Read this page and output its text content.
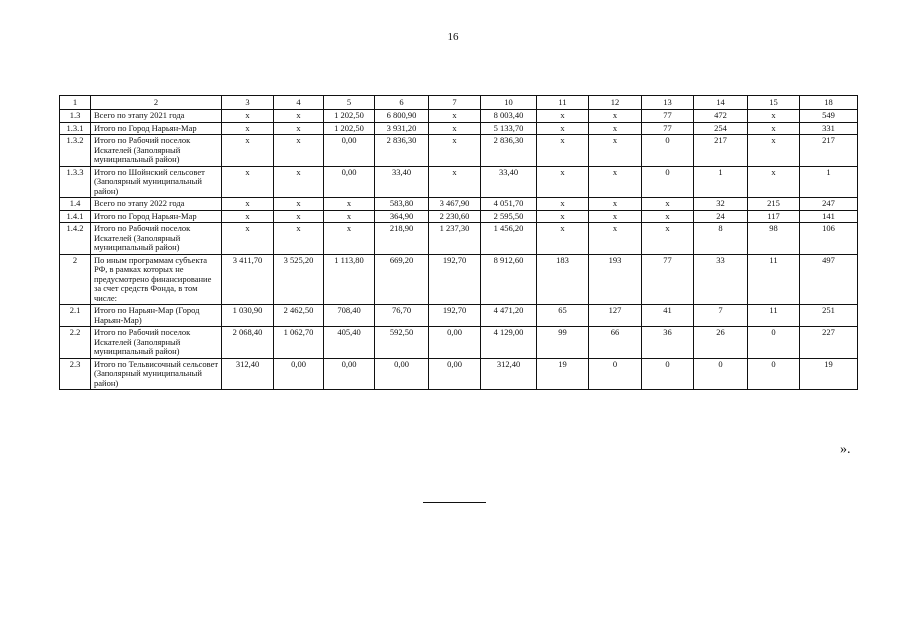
16
1	2	3	4	5	6	7	10	11	12	13	14	15	18
1.3	Всего по этапу 2021 года	x	x	1 202,50	6 800,90	x	8 003,40	x	x	77	472	x	549
1.3.1	Итого по Город Нарьян-Мар	x	x	1 202,50	3 931,20	x	5 133,70	x	x	77	254	x	331
1.3.2	Итого по Рабочий поселок Искателей (Заполярный муниципальный район)	x	x	0,00	2 836,30	x	2 836,30	x	x	0	217	x	217
1.3.3	Итого по Шойнский сельсовет (Заполярный муниципальный район)	x	x	0,00	33,40	x	33,40	x	x	0	1	x	1
1.4	Всего по этапу 2022 года	x	x	x	583,80	3 467,90	4 051,70	x	x	x	32	215	247
1.4.1	Итого по Город Нарьян-Мар	x	x	x	364,90	2 230,60	2 595,50	x	x	x	24	117	141
1.4.2	Итого по Рабочий поселок Искателей (Заполярный муниципальный район)	x	x	x	218,90	1 237,30	1 456,20	x	x	x	8	98	106
2	По иным программам субъекта РФ, в рамках которых не предусмотрено финансирование за счет средств Фонда, в том числе:	3 411,70	3 525,20	1 113,80	669,20	192,70	8 912,60	183	193	77	33	11	497
2.1	Итого по Нарьян-Мар (Город Нарьян-Мар)	1 030,90	2 462,50	708,40	76,70	192,70	4 471,20	65	127	41	7	11	251
2.2	Итого по Рабочий поселок Искателей (Заполярный муниципальный район)	2 068,40	1 062,70	405,40	592,50	0,00	4 129,00	99	66	36	26	0	227
2.3	Итого по Тельвисочный сельсовет (Заполярный муниципальный район)	312,40	0,00	0,00	0,00	0,00	312,40	19	0	0	0	0	19
».
